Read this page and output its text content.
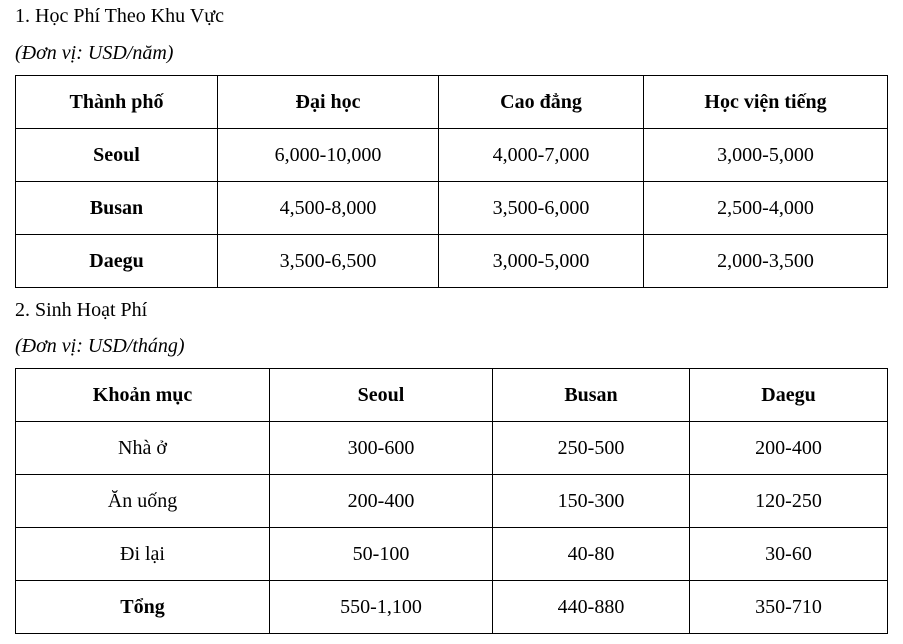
1. Học Phí Theo Khu Vực
(Đơn vị: USD/năm)
Thành phố	Đại học	Cao đẳng	Học viện tiếng
Seoul	6,000-10,000	4,000-7,000	3,000-5,000
Busan	4,500-8,000	3,500-6,000	2,500-4,000
Daegu	3,500-6,500	3,000-5,000	2,000-3,500
2. Sinh Hoạt Phí
(Đơn vị: USD/tháng)
Khoản mục	Seoul	Busan	Daegu
Nhà ở	300-600	250-500	200-400
Ăn uống	200-400	150-300	120-250
Đi lại	50-100	40-80	30-60
Tổng	550-1,100	440-880	350-710
